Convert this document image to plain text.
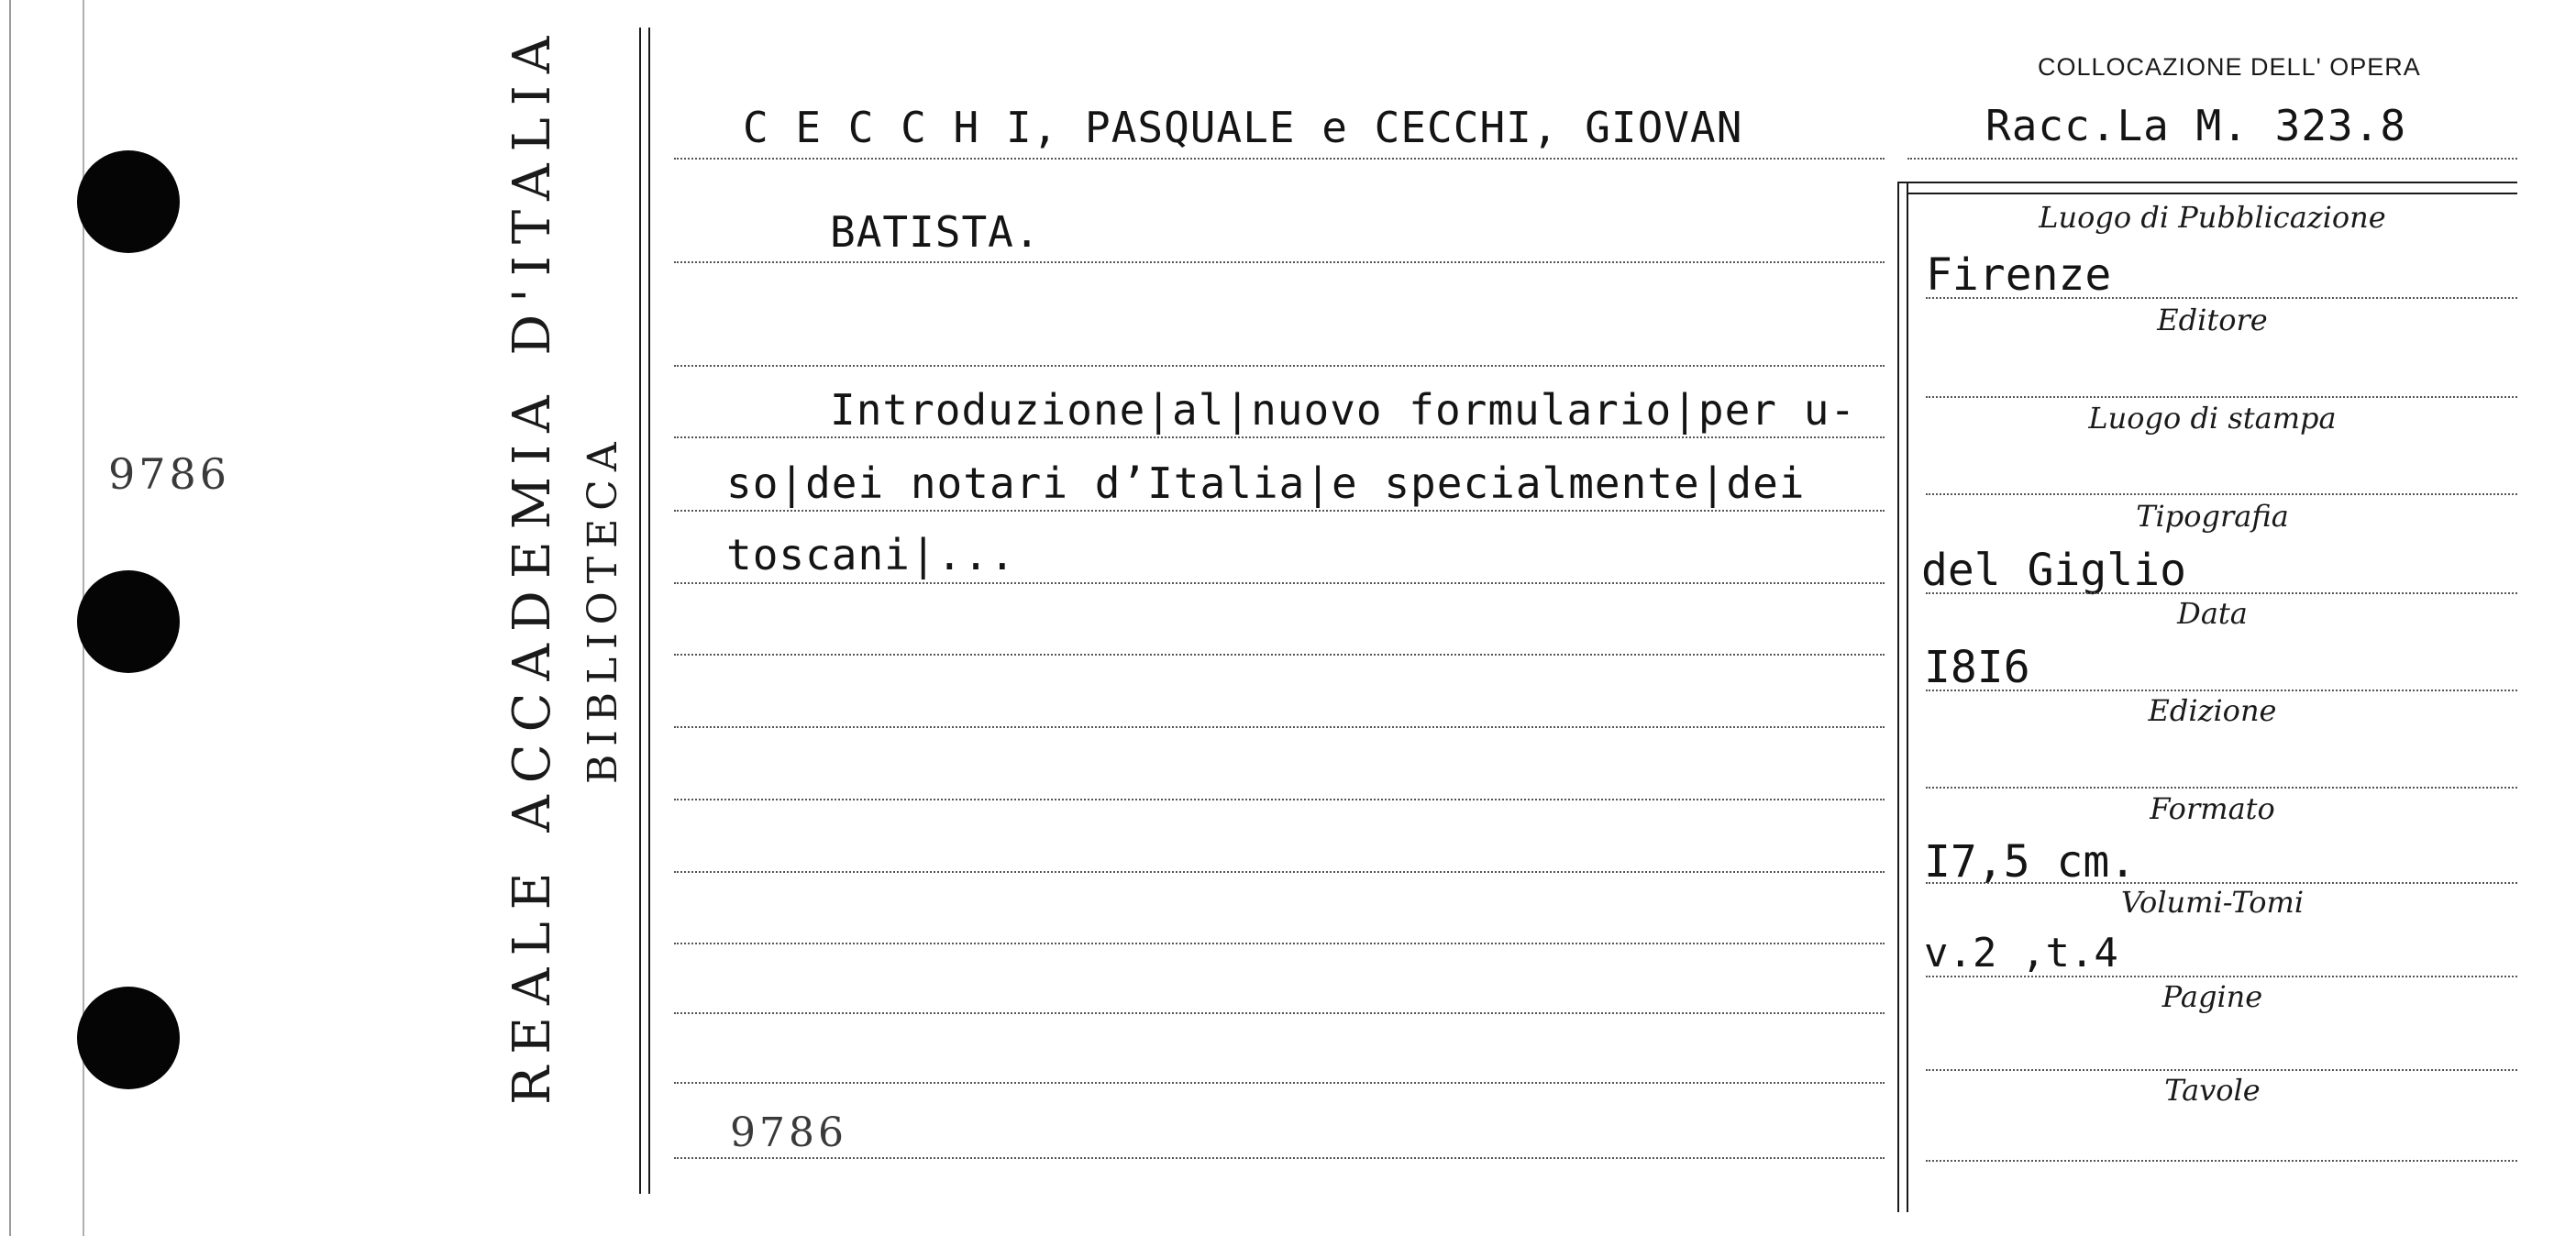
9786	REALE ACCADEMIA D'ITALIA BIBLIOTECA
COLLOCAZIONE DELL' OPERA
Racc.La M. 323.8
C E C C H I, PASQUALE e CECCHI, GIOVAN
BATISTA.
Introduzione|al|nuovo formulario|per u-
so|dei notari d’Italia|e specialmente|dei
toscani|...
9786
Luogo di Pubblicazione
Firenze
Editore
Luogo di stampa
Tipografia
del Giglio
Data
I8I6
Edizione
Formato
I7,5 cm.
Volumi-Tomi
v.2 ,t.4
Pagine
Tavole
